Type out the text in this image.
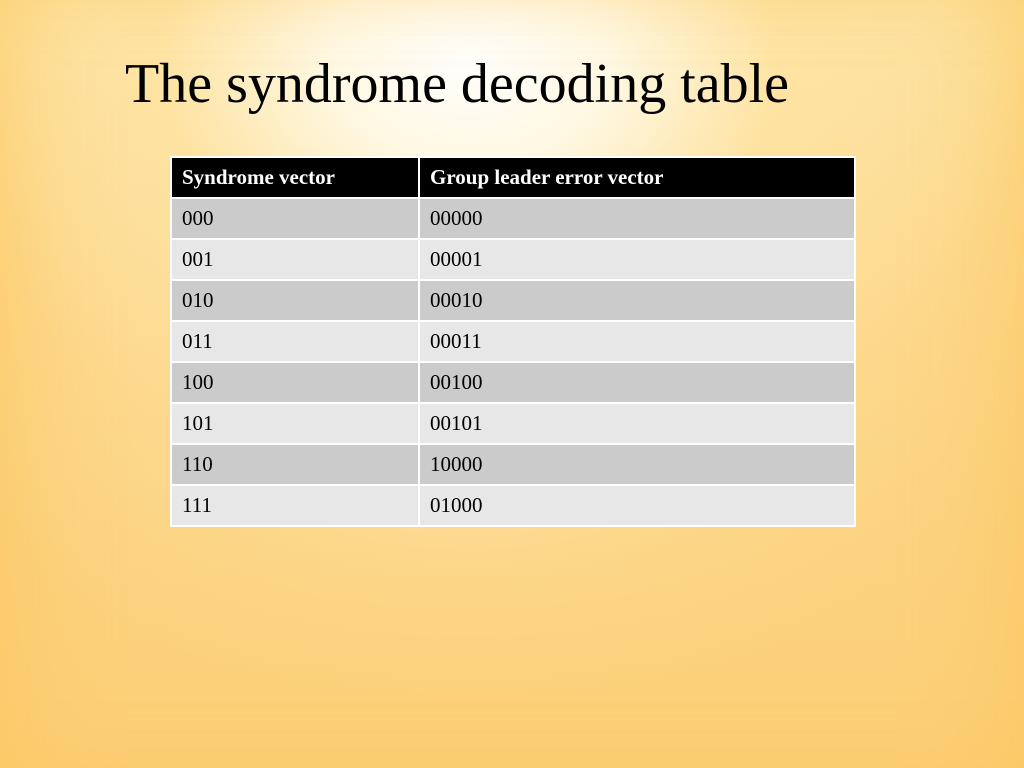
The syndrome decoding table
Syndrome vector	Group leader error vector
000	00000
001	00001
010	00010
011	00011
100	00100
101	00101
110	10000
111	01000
